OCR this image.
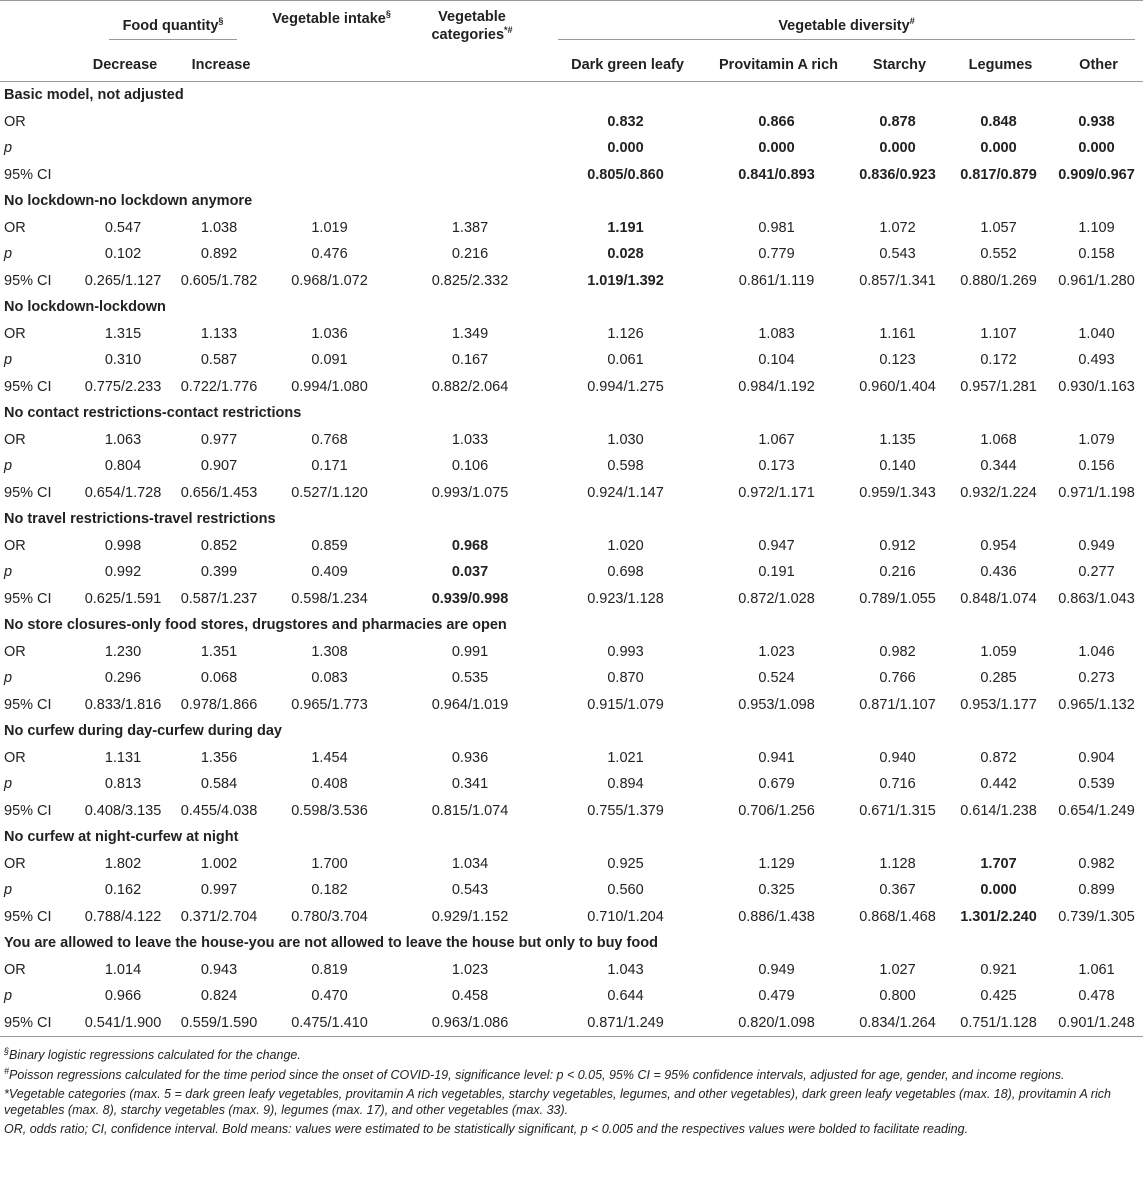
	Food quantity§		Vegetable intake§	Vegetable categories*#	Vegetable diversity#
	Decrease	Increase			Dark green leafy	Provitamin A rich	Starchy	Legumes	Other
Basic model, not adjusted									
OR					0.832	0.866	0.878	0.848	0.938
p					0.000	0.000	0.000	0.000	0.000
95% CI					0.805/0.860	0.841/0.893	0.836/0.923	0.817/0.879	0.909/0.967
No lockdown-no lockdown anymore									
OR	0.547	1.038	1.019	1.387	1.191	0.981	1.072	1.057	1.109
p	0.102	0.892	0.476	0.216	0.028	0.779	0.543	0.552	0.158
95% CI	0.265/1.127	0.605/1.782	0.968/1.072	0.825/2.332	1.019/1.392	0.861/1.119	0.857/1.341	0.880/1.269	0.961/1.280
No lockdown-lockdown									
OR	1.315	1.133	1.036	1.349	1.126	1.083	1.161	1.107	1.040
p	0.310	0.587	0.091	0.167	0.061	0.104	0.123	0.172	0.493
95% CI	0.775/2.233	0.722/1.776	0.994/1.080	0.882/2.064	0.994/1.275	0.984/1.192	0.960/1.404	0.957/1.281	0.930/1.163
No contact restrictions-contact restrictions									
OR	1.063	0.977	0.768	1.033	1.030	1.067	1.135	1.068	1.079
p	0.804	0.907	0.171	0.106	0.598	0.173	0.140	0.344	0.156
95% CI	0.654/1.728	0.656/1.453	0.527/1.120	0.993/1.075	0.924/1.147	0.972/1.171	0.959/1.343	0.932/1.224	0.971/1.198
No travel restrictions-travel restrictions									
OR	0.998	0.852	0.859	0.968	1.020	0.947	0.912	0.954	0.949
p	0.992	0.399	0.409	0.037	0.698	0.191	0.216	0.436	0.277
95% CI	0.625/1.591	0.587/1.237	0.598/1.234	0.939/0.998	0.923/1.128	0.872/1.028	0.789/1.055	0.848/1.074	0.863/1.043
No store closures-only food stores, drugstores and pharmacies are open									
OR	1.230	1.351	1.308	0.991	0.993	1.023	0.982	1.059	1.046
p	0.296	0.068	0.083	0.535	0.870	0.524	0.766	0.285	0.273
95% CI	0.833/1.816	0.978/1.866	0.965/1.773	0.964/1.019	0.915/1.079	0.953/1.098	0.871/1.107	0.953/1.177	0.965/1.132
No curfew during day-curfew during day									
OR	1.131	1.356	1.454	0.936	1.021	0.941	0.940	0.872	0.904
p	0.813	0.584	0.408	0.341	0.894	0.679	0.716	0.442	0.539
95% CI	0.408/3.135	0.455/4.038	0.598/3.536	0.815/1.074	0.755/1.379	0.706/1.256	0.671/1.315	0.614/1.238	0.654/1.249
No curfew at night-curfew at night									
OR	1.802	1.002	1.700	1.034	0.925	1.129	1.128	1.707	0.982
p	0.162	0.997	0.182	0.543	0.560	0.325	0.367	0.000	0.899
95% CI	0.788/4.122	0.371/2.704	0.780/3.704	0.929/1.152	0.710/1.204	0.886/1.438	0.868/1.468	1.301/2.240	0.739/1.305
You are allowed to leave the house-you are not allowed to leave the house but only to buy food									
OR	1.014	0.943	0.819	1.023	1.043	0.949	1.027	0.921	1.061
p	0.966	0.824	0.470	0.458	0.644	0.479	0.800	0.425	0.478
95% CI	0.541/1.900	0.559/1.590	0.475/1.410	0.963/1.086	0.871/1.249	0.820/1.098	0.834/1.264	0.751/1.128	0.901/1.248

§Binary logistic regressions calculated for the change.

#Poisson regressions calculated for the time period since the onset of COVID-19, significance level: p < 0.05, 95% CI = 95% confidence intervals, adjusted for age, gender, and income regions.

*Vegetable categories (max. 5 = dark green leafy vegetables, provitamin A rich vegetables, starchy vegetables, legumes, and other vegetables), dark green leafy vegetables (max. 18), provitamin A rich vegetables (max. 8), starchy vegetables (max. 9), legumes (max. 17), and other vegetables (max. 33).

OR, odds ratio; CI, confidence interval. Bold means: values were estimated to be statistically significant, p < 0.005 and the respectives values were bolded to facilitate reading.
